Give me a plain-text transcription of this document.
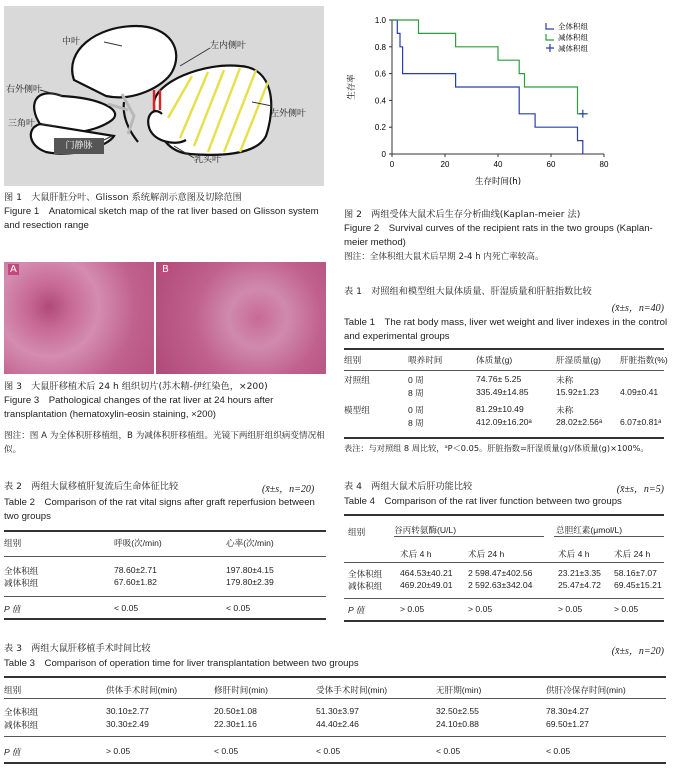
中叶	左内侧叶
右外侧叶
左外侧叶
三角叶
乳头叶
门静脉
图 1　大鼠肝脏分叶、Glisson 系统解剖示意图及切除范围
Figure 1　Anatomical sketch map of the rat liver based on Glisson system and resection range
0
0.2
0.4
0.6
0.8
1.0
0	20	40	60	80
生存时间(h)
生存率
全体积组
减体积组
减体积组
图 2　两组受体大鼠术后生存分析曲线(Kaplan-meier 法)
Figure 2　Survival curves of the recipient rats in the two groups (Kaplan-meier method)
图注：全体积组大鼠术后早期 2-4 h 内死亡率较高。
A	B
图 3　大鼠肝移植术后 24 h 组织切片(苏木精-伊红染色，×200)
Figure 3　Pathological changes of the rat liver at 24 hours after transplantation (hematoxylin-eosin staining, ×200)
图注：图 A 为全体积肝移植组，B 为减体积肝移植组。光镜下两组肝组织病变情况相似。
表 1　对照组和模型组大鼠体质量、肝湿质量和肝脏指数比较
(x̄±s，n=40)
Table 1　The rat body mass, liver wet weight and liver indexes in the control and experimental groups
组别	喂养时间	体质量(g)	肝湿质量(g) 肝脏指数(%)
对照组	0 周	74.76± 5.25	未称
8 周	335.49±14.85	15.92±1.23 4.09±0.41
模型组	0 周	81.29±10.49	未称
8 周	412.09±16.20ᵃ	28.02±2.56ᵃ 6.07±0.81ᵃ
表注：与对照组 8 周比较，ᵃP＜0.05。肝脏指数=肝湿质量(g)/体质量(g)×100%。
表 2　两组大鼠移植肝复流后生命体征比较	(x̄±s，n=20)
Table 2　Comparison of the rat vital signs after graft reperfusion between two groups
组别	呼吸(次/min)	心率(次/min)
全体积组	78.60±2.71	197.80±4.15
减体积组	67.60±1.82	179.80±2.39
P 值	< 0.05	< 0.05
表 4　两组大鼠术后肝功能比较	(x̄±s，n=5)
Table 4　Comparison of the rat liver function between two groups
组别	谷丙转氨酶(U/L)	总胆红素(μmol/L)
术后 4 h	术后 24 h	术后 4 h	术后 24 h
全体积组 464.53±40.21 2 598.47±402.56	23.21±3.35 58.16±7.07
减体积组 469.20±49.01 2 592.63±342.04	25.47±4.72 69.45±15.21
P 值	> 0.05	> 0.05	> 0.05	> 0.05
表 3　两组大鼠肝移植手术时间比较	(x̄±s，n=20)
Table 3　Comparison of operation time for liver transplantation between two groups
组别	供体手术时间(min)	修肝时间(min)	受体手术时间(min)	无肝期(min)	供肝冷保存时间(min)
全体积组	30.10±2.77	20.50±1.08	51.30±3.97	32.50±2.55	78.30±4.27
减体积组	30.30±2.49	22.30±1.16	44.40±2.46	24.10±0.88	69.50±1.27
P 值	> 0.05	< 0.05	< 0.05	< 0.05	< 0.05
